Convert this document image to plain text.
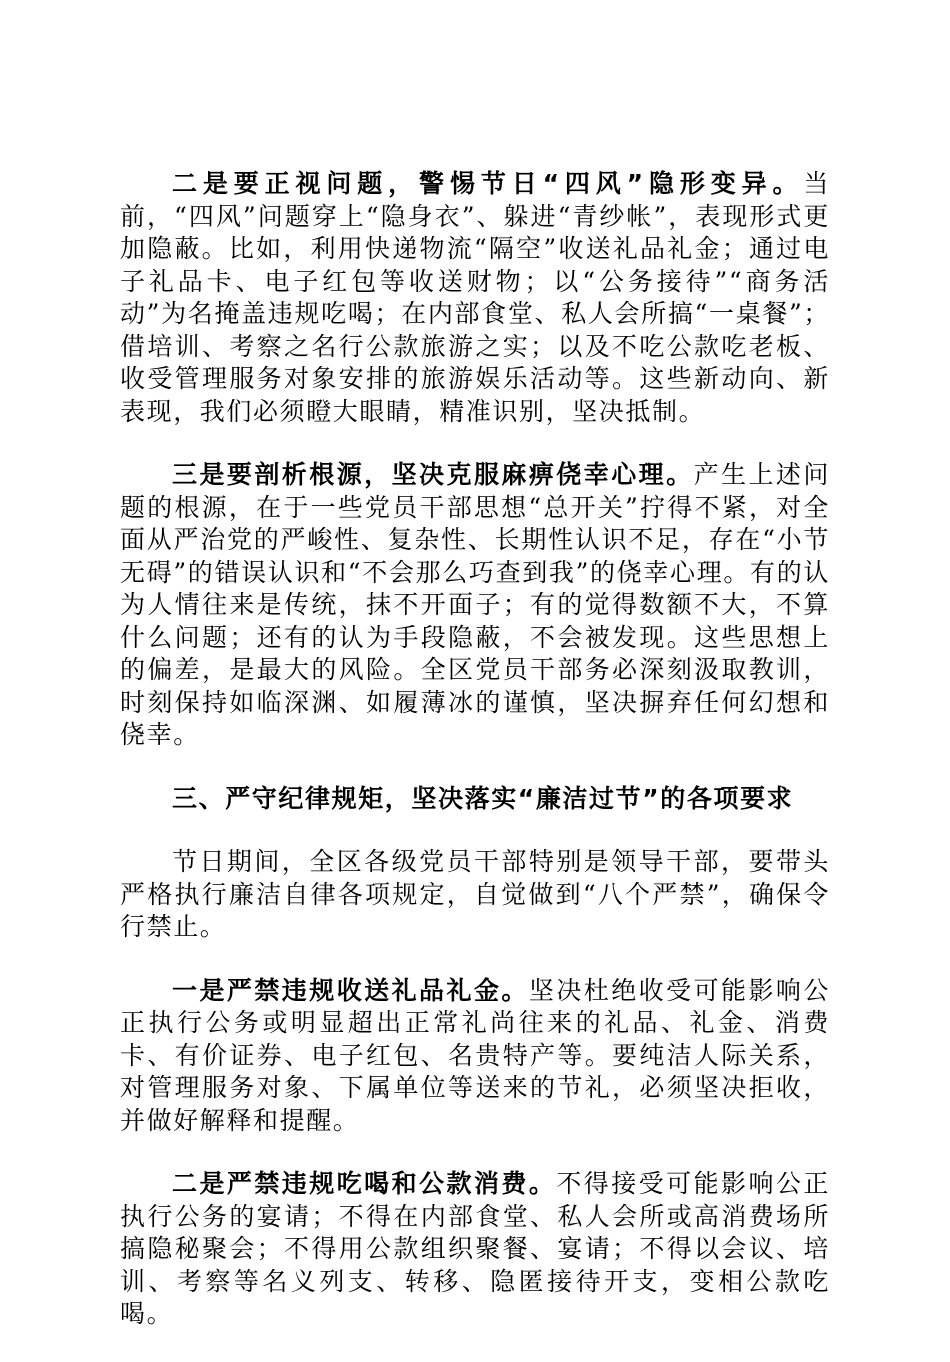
二是要正视问题，警惕节日“四风”隐形变异。当前，“四风”问题穿上“隐身衣”、躲进“青纱帐”，表现形式更加隐蔽。比如，利用快递物流“隔空”收送礼品礼金；通过电子礼品卡、电子红包等收送财物；以“公务接待”“商务活动”为名掩盖违规吃喝；在内部食堂、私人会所搞“一桌餐”；借培训、考察之名行公款旅游之实；以及不吃公款吃老板、收受管理服务对象安排的旅游娱乐活动等。这些新动向、新表现，我们必须瞪大眼睛，精准识别，坚决抵制。

三是要剖析根源，坚决克服麻痹侥幸心理。产生上述问题的根源，在于一些党员干部思想“总开关”拧得不紧，对全面从严治党的严峻性、复杂性、长期性认识不足，存在“小节无碍”的错误认识和“不会那么巧查到我”的侥幸心理。有的认为人情往来是传统，抹不开面子；有的觉得数额不大，不算什么问题；还有的认为手段隐蔽，不会被发现。这些思想上的偏差，是最大的风险。全区党员干部务必深刻汲取教训，时刻保持如临深渊、如履薄冰的谨慎，坚决摒弃任何幻想和侥幸。

三、严守纪律规矩，坚决落实“廉洁过节”的各项要求

节日期间，全区各级党员干部特别是领导干部，要带头严格执行廉洁自律各项规定，自觉做到“八个严禁”，确保令行禁止。

一是严禁违规收送礼品礼金。坚决杜绝收受可能影响公正执行公务或明显超出正常礼尚往来的礼品、礼金、消费卡、有价证券、电子红包、名贵特产等。要纯洁人际关系，对管理服务对象、下属单位等送来的节礼，必须坚决拒收，并做好解释和提醒。

二是严禁违规吃喝和公款消费。不得接受可能影响公正执行公务的宴请；不得在内部食堂、私人会所或高消费场所搞隐秘聚会；不得用公款组织聚餐、宴请；不得以会议、培训、考察等名义列支、转移、隐匿接待开支，变相公款吃喝。
